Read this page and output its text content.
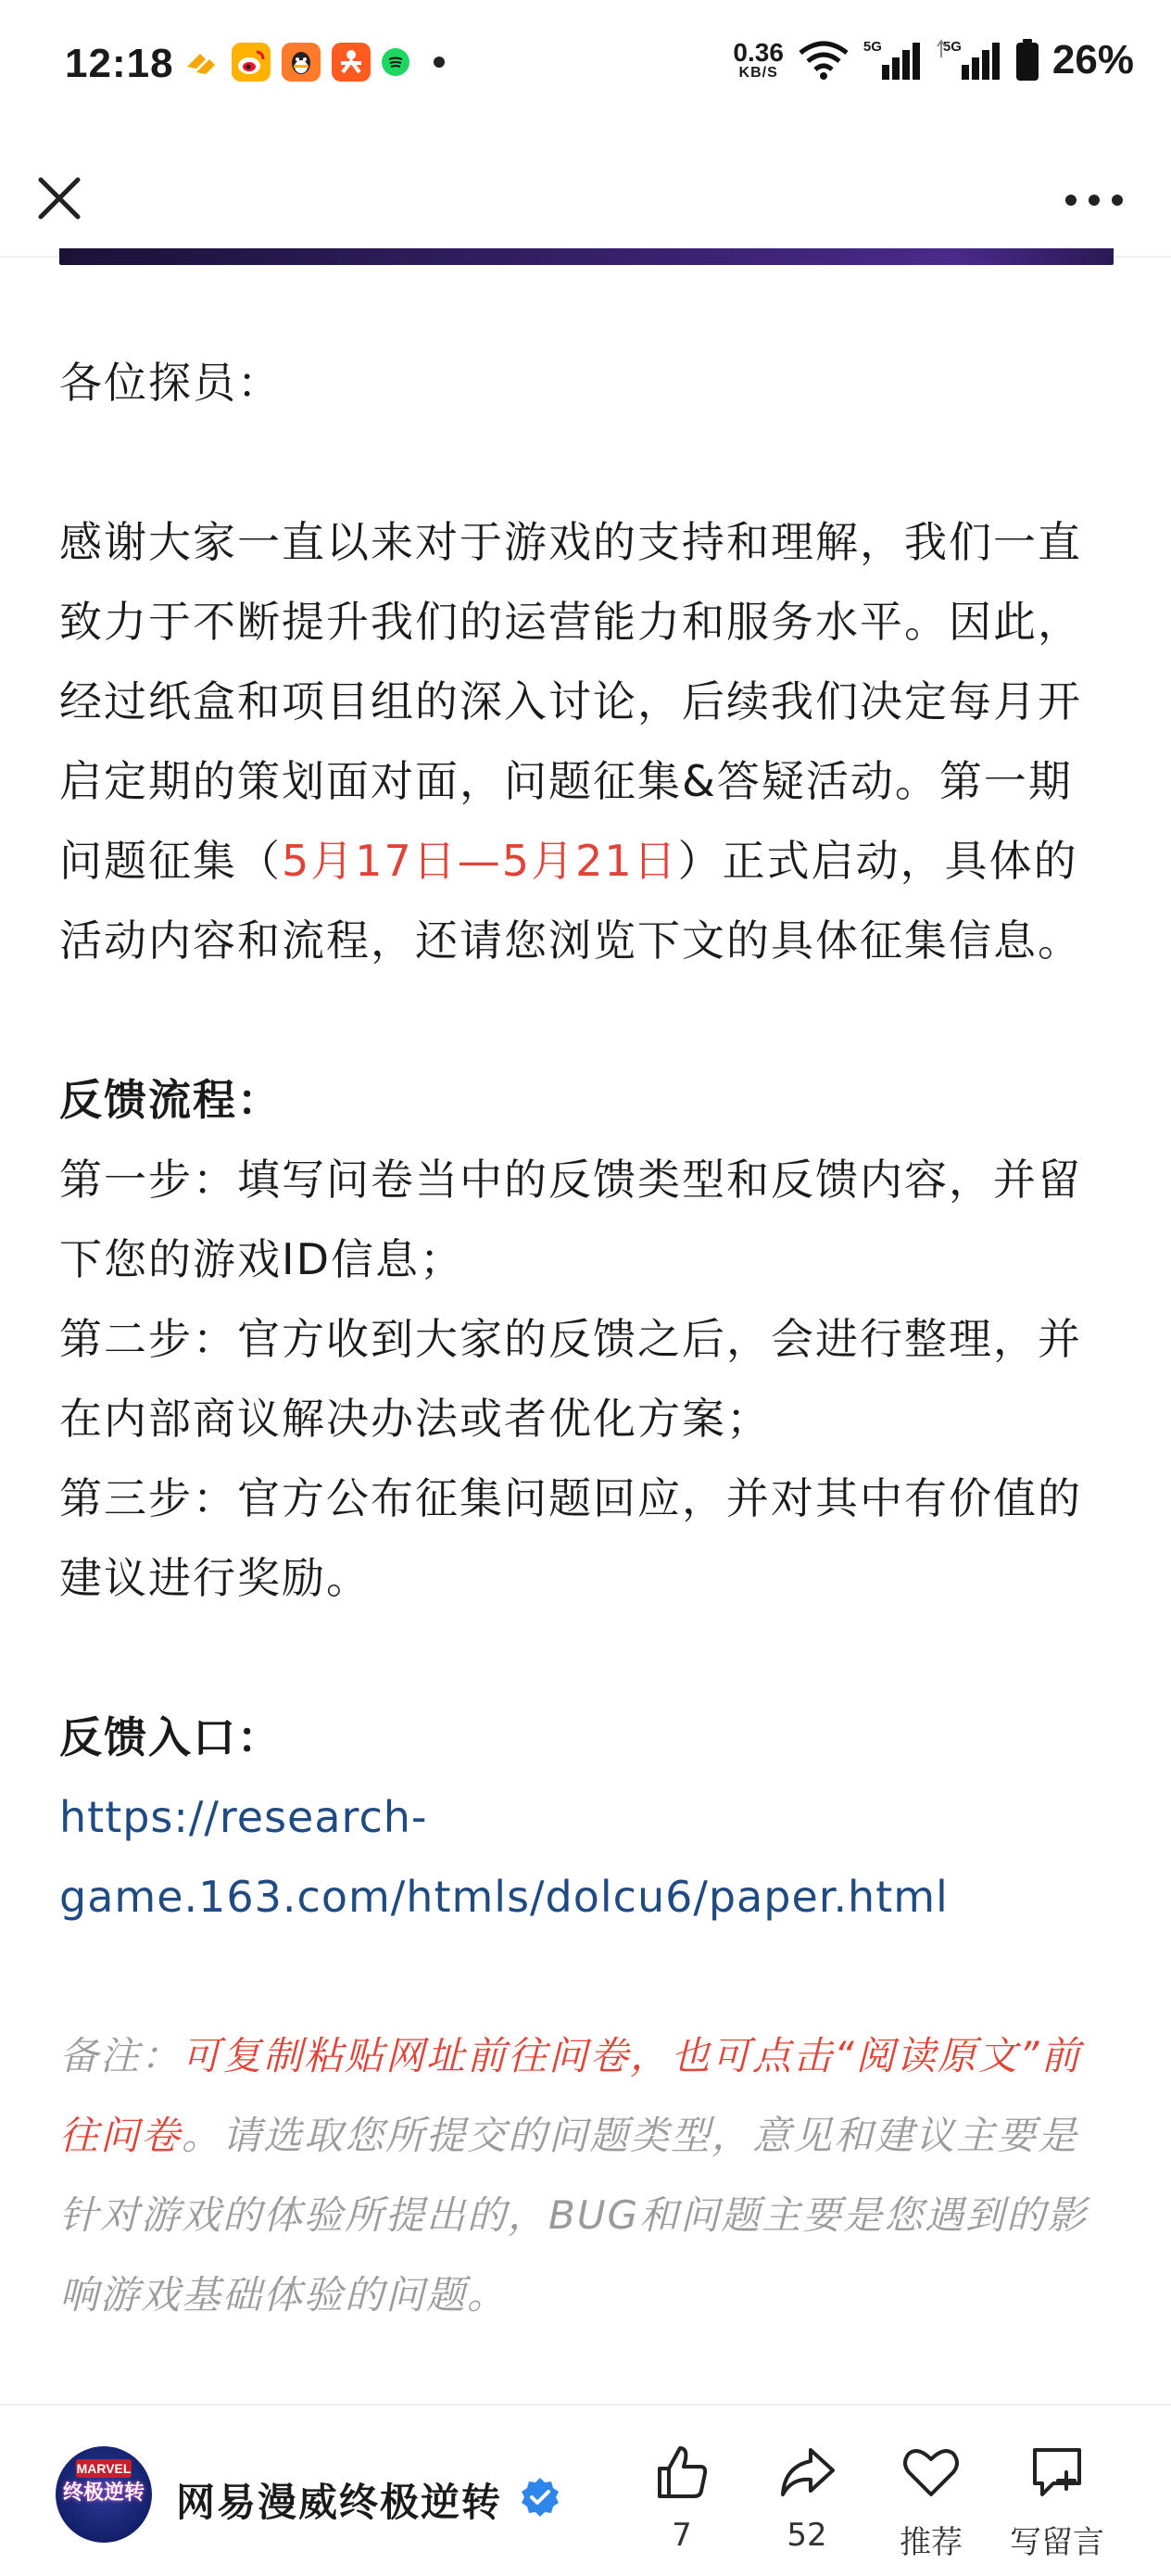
12:18	0.36
KB/S
5G	5G 26%

各位探员：

感谢大家一直以来对于游戏的支持和理解，我们一直致力于不断提升我们的运营能力和服务水平。因此，经过纸盒和项目组的深入讨论，后续我们决定每月开启定期的策划面对面，问题征集&答疑活动。第一期问题征集（5月17日—5月21日）正式启动，具体的活动内容和流程，还请您浏览下文的具体征集信息。

反馈流程：

第一步：填写问卷当中的反馈类型和反馈内容，并留下您的游戏ID信息；

第二步：官方收到大家的反馈之后，会进行整理，并在内部商议解决办法或者优化方案；

第三步：官方公布征集问题回应，并对其中有价值的建议进行奖励。

反馈入口：

https://research-
game.163.com/htmls/dolcu6/paper.html

备注：可复制粘贴网址前往问卷，也可点击“阅读原文”前往问卷。请选取您所提交的问题类型，意见和建议主要是针对游戏的体验所提出的，BUG和问题主要是您遇到的影响游戏基础体验的问题。

MARVEL
终极逆转 网易漫威终极逆转
7	52	推荐	写留言
